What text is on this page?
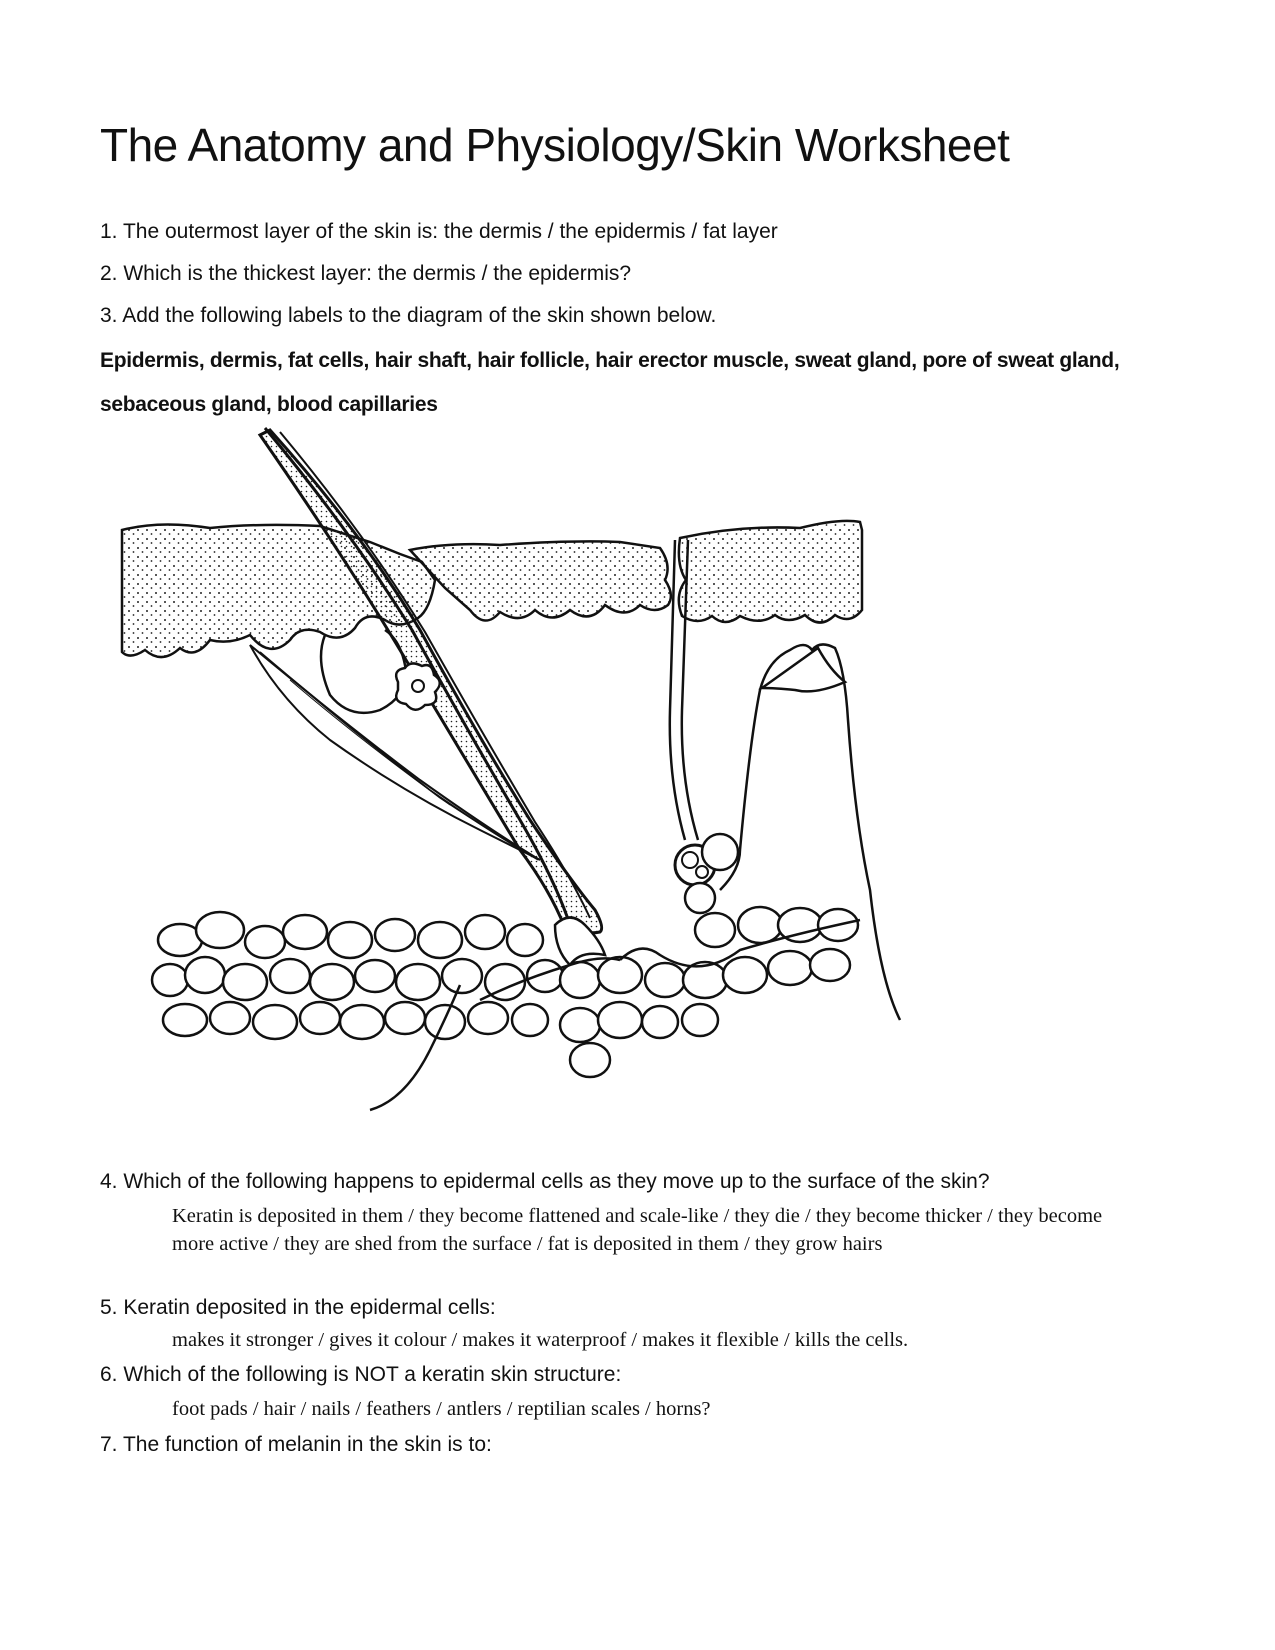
The Anatomy and Physiology/Skin Worksheet
1. The outermost layer of the skin is: the dermis / the epidermis / fat layer
2. Which is the thickest layer: the dermis / the epidermis?
3. Add the following labels to the diagram of the skin shown below.
Epidermis, dermis, fat cells, hair shaft, hair follicle, hair erector muscle, sweat gland, pore of sweat gland, sebaceous gland, blood capillaries
4. Which of the following happens to epidermal cells as they move up to the surface of the skin?
Keratin is deposited in them / they become flattened and scale-like / they die / they become thicker / they become more active / they are shed from the surface / fat is deposited in them / they grow hairs
5. Keratin deposited in the epidermal cells:
makes it stronger / gives it colour / makes it waterproof / makes it flexible / kills the cells.
6. Which of the following is NOT a keratin skin structure:
foot pads / hair / nails / feathers / antlers / reptilian scales / horns?
7. The function of melanin in the skin is to:
